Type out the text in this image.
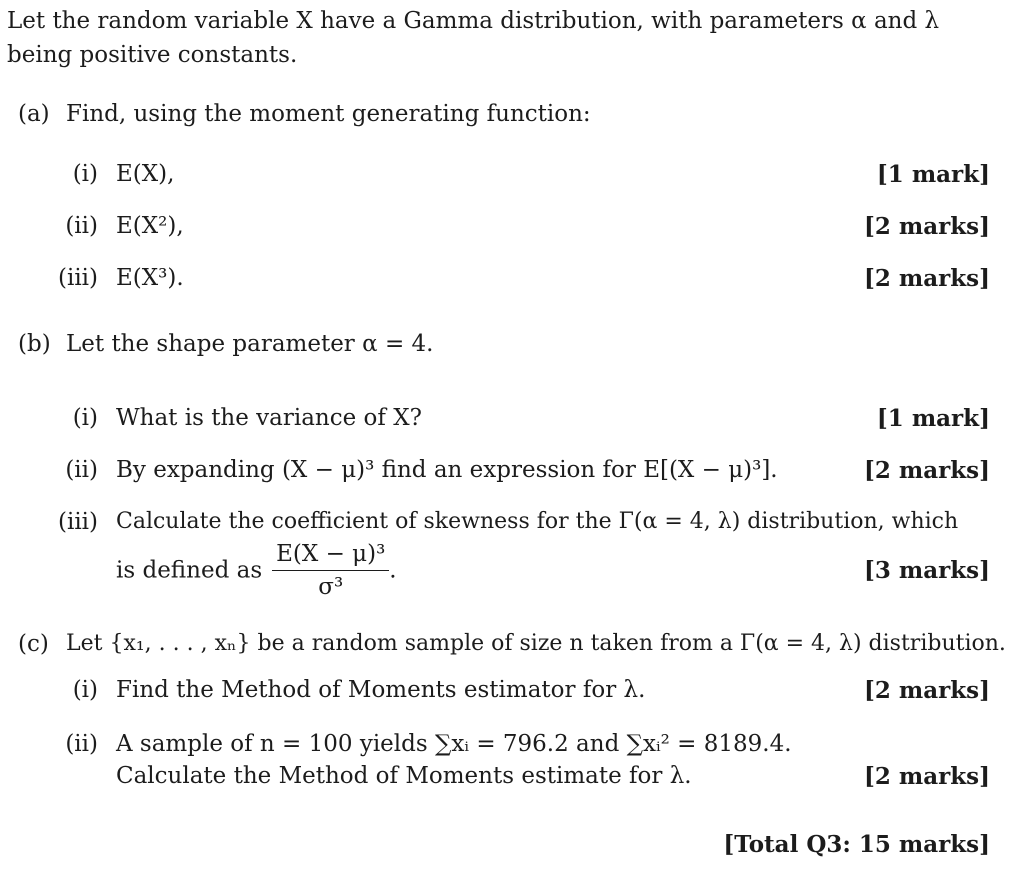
Let the random variable X have a Gamma distribution, with parameters α and λ being positive constants.
(a) Find, using the moment generating function:
(i) E(X),	[1 mark]
(ii) E(X²),	[2 marks]
(iii) E(X³).	[2 marks]
(b) Let the shape parameter α = 4.
(i) What is the variance of X?	[1 mark]
(ii) By expanding (X − μ)³ find an expression for E[(X − μ)³].	[2 marks]
(iii) Calculate the coefficient of skewness for the Γ(α = 4, λ) distribution, which
is defined as $\frac{\text{E(X − μ)³}}{\text{σ³}}$ .	[3 marks]
(c) Let {x₁, . . . , xₙ} be a random sample of size n taken from a Γ(α = 4, λ) distribution.
(i) Find the Method of Moments estimator for λ.	[2 marks]
(ii) A sample of n = 100 yields ∑xᵢ = 796.2 and ∑xᵢ² = 8189.4.
Calculate the Method of Moments estimate for λ.	[2 marks]
[Total Q3: 15 marks]
